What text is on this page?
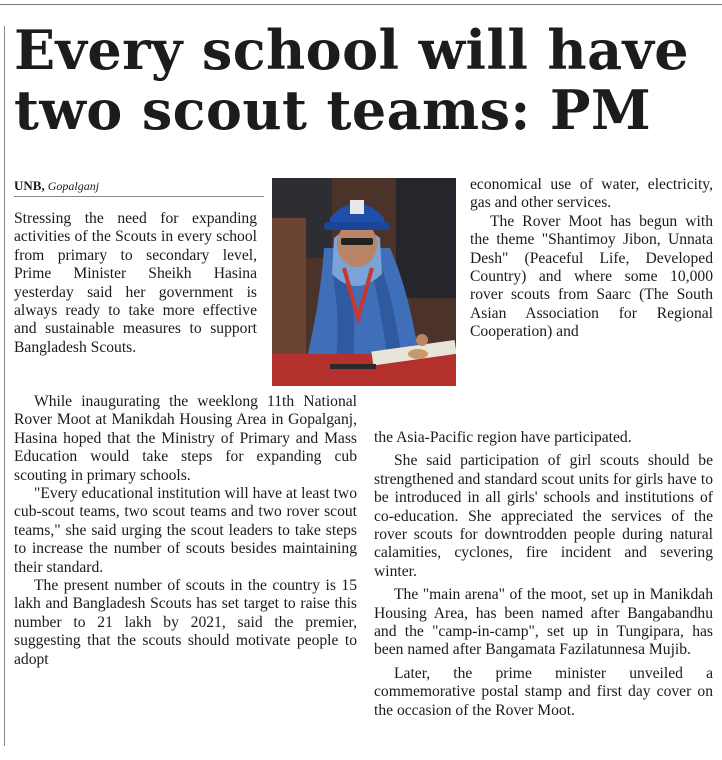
Every school will have
two scout teams: PM
UNB, Gopalganj

Stressing the need for expanding activities of the Scouts in every school from primary to secondary level, Prime Minister Sheikh Hasina yesterday said her government is always ready to take more effective and sustainable measures to support Bangladesh Scouts.

While inaugurating the weeklong 11th National Rover Moot at Manikdah Housing Area in Gopalganj, Hasina hoped that the Ministry of Primary and Mass Education would take steps for expanding cub scouting in primary schools.

"Every educational institution will have at least two cub-scout teams, two scout teams and two rover scout teams," she said urging the scout leaders to take steps to increase the number of scouts besides maintaining their standard.

The present number of scouts in the country is 15 lakh and Bangladesh Scouts has set target to raise this number to 21 lakh by 2021, said the premier, suggesting that the scouts should motivate people to adopt

economical use of water, electricity, gas and other services.

The Rover Moot has begun with the theme "Shantimoy Jibon, Unnata Desh" (Peaceful Life, Developed Country) and where some 10,000 rover scouts from Saarc (The South Asian Association for Regional Cooperation) and

the Asia-Pacific region have participated.

She said participation of girl scouts should be strengthened and standard scout units for girls have to be introduced in all girls' schools and institutions of co-education. She appreciated the services of the rover scouts for downtrodden people during natural calamities, cyclones, fire incident and severing winter.

The "main arena" of the moot, set up in Manikdah Housing Area, has been named after Bangabandhu and the "camp-in-camp", set up in Tungipara, has been named after Bangamata Fazilatunnesa Mujib.

Later, the prime minister unveiled a commemorative postal stamp and first day cover on the occasion of the Rover Moot.
